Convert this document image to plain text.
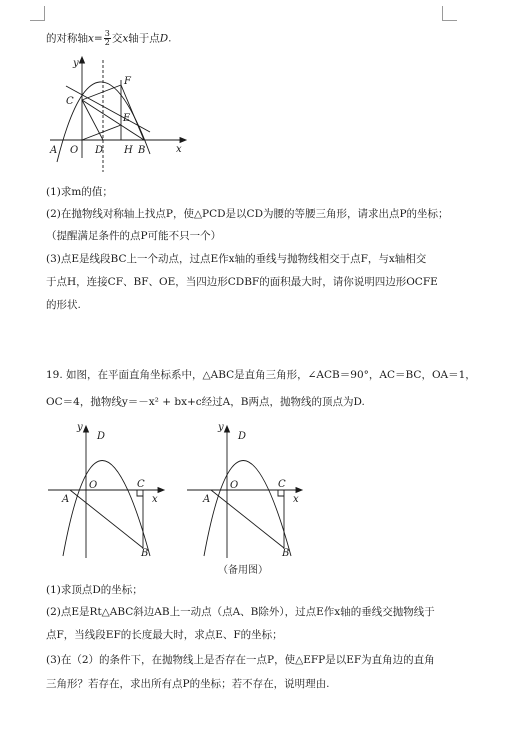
的对称轴$x= \frac{3}{2}$ 交x轴于点D.
y
x
F
C
E
A O D H B
(1)求m的值；
(2)在抛物线对称轴上找点P，使△PCD是以CD为腰的等腰三角形，请求出点P的坐标；
（提醒满足条件的点P可能不只一个）
(3)点E是线段BC上一个动点，过点E作x轴的垂线与抛物线相交于点F，与x轴相交
于点H，连接CF、BF、OE，当四边形CDBF的面积最大时，请你说明四边形OCFE
的形状.
19. 如图，在平面直角坐标系中，△ABC是直角三角形，∠ACB＝90°，AC＝BC，OA＝1，
OC＝4，抛物线y＝－x² + bx+c经过A，B两点，抛物线的顶点为D.
y
x
D
A
O	C
B
y
x
D
A
O	C
B
（备用图）
(1)求顶点D的坐标；
(2)点E是Rt△ABC斜边AB上一动点（点A、B除外），过点E作x轴的垂线交抛物线于
点F，当线段EF的长度最大时，求点E、F的坐标；
(3)在（2）的条件下，在抛物线上是否存在一点P，使△EFP是以EF为直角边的直角
三角形？若存在，求出所有点P的坐标；若不存在，说明理由.
